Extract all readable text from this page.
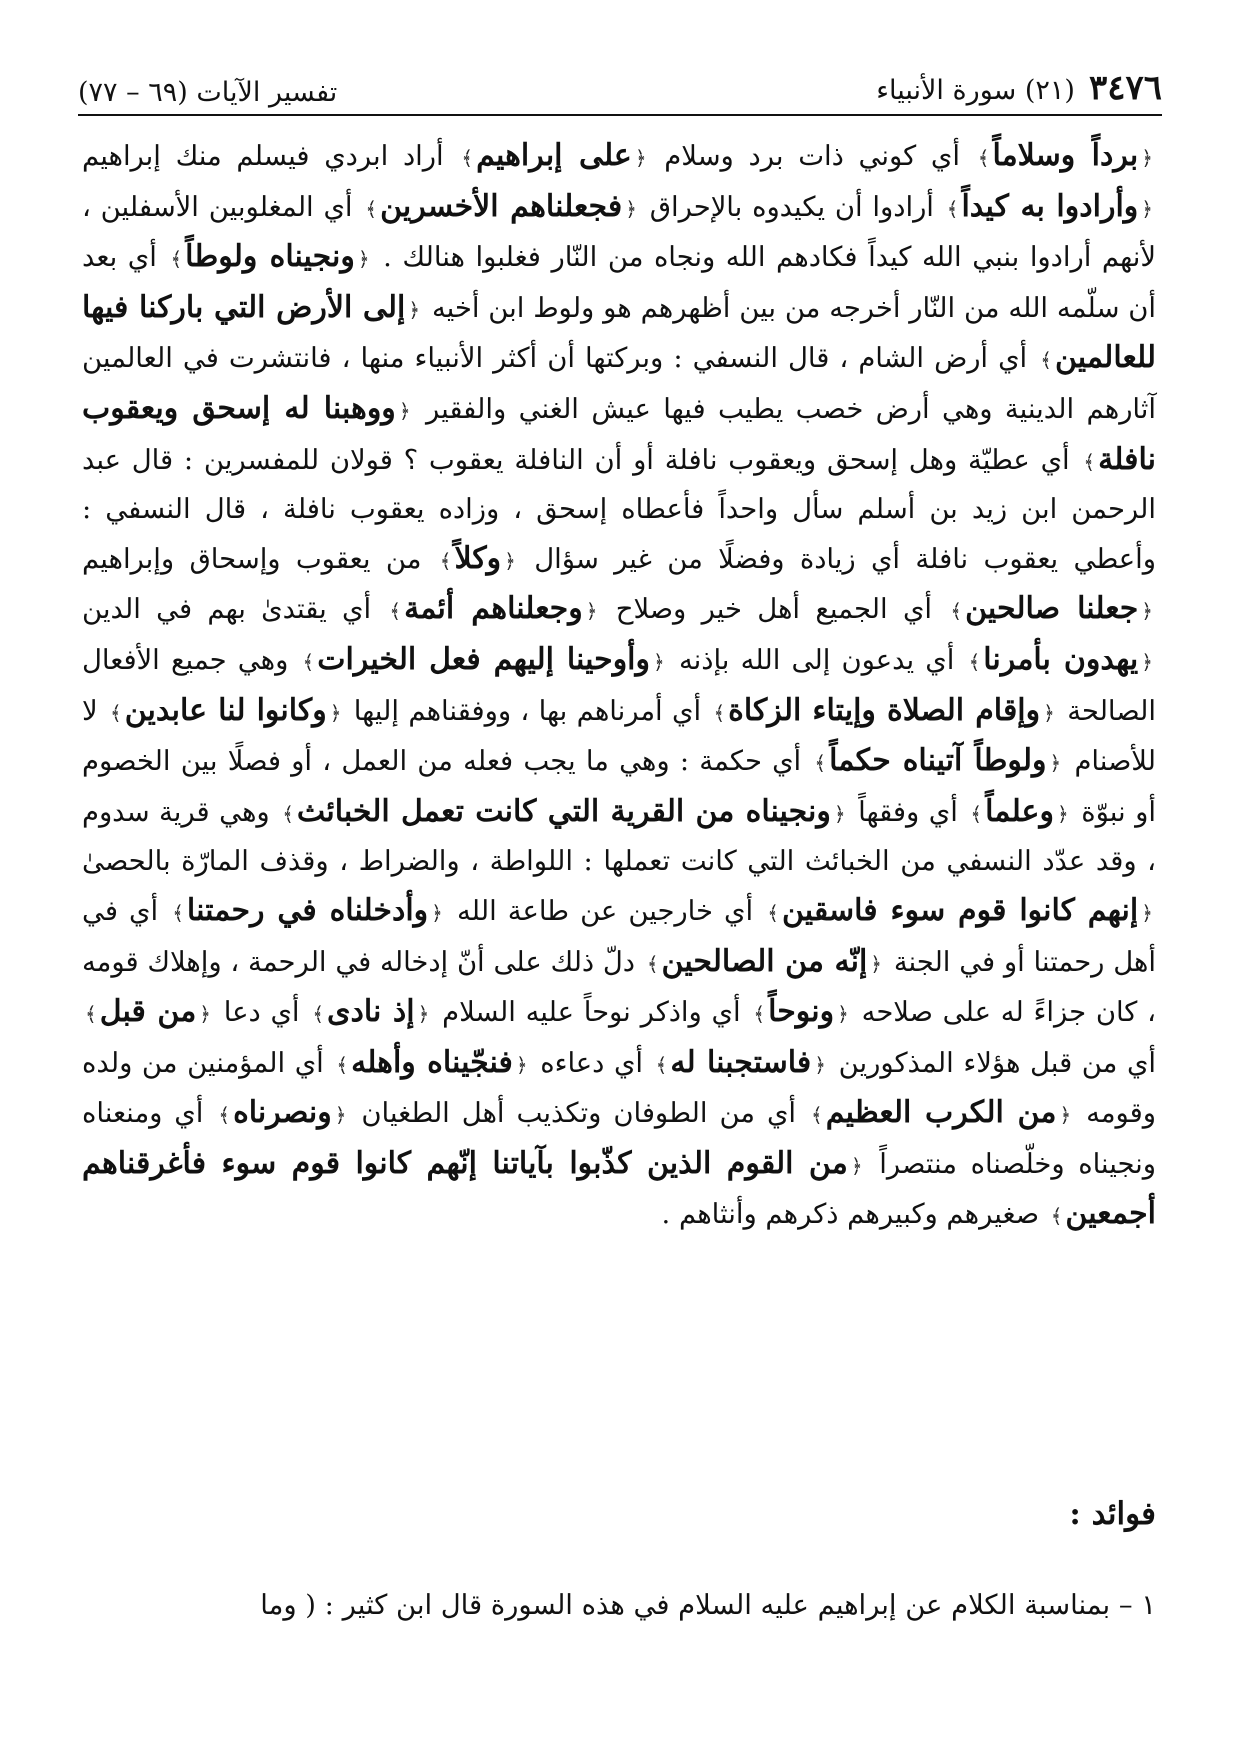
٣٤٧٦
(٢١) سورة الأنبياء
تفسير الآيات (٦٩ – ٧٧)

﴿برداً وسلاماً﴾ أي كوني ذات برد وسلام ﴿على إبراهيم﴾ أراد ابردي فيسلم منك إبراهيم ﴿وأرادوا به كيداً﴾ أرادوا أن يكيدوه بالإحراق ﴿فجعلناهم الأخسرين﴾ أي المغلوبين الأسفلين ، لأنهم أرادوا بنبي الله كيداً فكادهم الله ونجاه من النّار فغلبوا هنالك . ﴿ونجيناه ولوطاً﴾ أي بعد أن سلّمه الله من النّار أخرجه من بين أظهرهم هو ولوط ابن أخيه ﴿إلى الأرض التي باركنا فيها للعالمين﴾ أي أرض الشام ، قال النسفي : وبركتها أن أكثر الأنبياء منها ، فانتشرت في العالمين آثارهم الدينية وهي أرض خصب يطيب فيها عيش الغني والفقير ﴿ووهبنا له إسحق ويعقوب نافلة﴾ أي عطيّة وهل إسحق ويعقوب نافلة أو أن النافلة يعقوب ؟ قولان للمفسرين : قال عبد الرحمن ابن زيد بن أسلم سأل واحداً فأعطاه إسحق ، وزاده يعقوب نافلة ، قال النسفي : وأعطي يعقوب نافلة أي زيادة وفضلًا من غير سؤال ﴿وكلاً﴾ من يعقوب وإسحاق وإبراهيم ﴿جعلنا صالحين﴾ أي الجميع أهل خير وصلاح ﴿وجعلناهم أئمة﴾ أي يقتدىٰ بهم في الدين ﴿يهدون بأمرنا﴾ أي يدعون إلى الله بإذنه ﴿وأوحينا إليهم فعل الخيرات﴾ وهي جميع الأفعال الصالحة ﴿وإقام الصلاة وإيتاء الزكاة﴾ أي أمرناهم بها ، ووفقناهم إليها ﴿وكانوا لنا عابدين﴾ لا للأصنام ﴿ولوطاً آتيناه حكماً﴾ أي حكمة : وهي ما يجب فعله من العمل ، أو فصلًا بين الخصوم أو نبوّة ﴿وعلماً﴾ أي وفقهاً ﴿ونجيناه من القرية التي كانت تعمل الخبائث﴾ وهي قرية سدوم ، وقد عدّد النسفي من الخبائث التي كانت تعملها : اللواطة ، والضراط ، وقذف المارّة بالحصىٰ ﴿إنهم كانوا قوم سوء فاسقين﴾ أي خارجين عن طاعة الله ﴿وأدخلناه في رحمتنا﴾ أي في أهل رحمتنا أو في الجنة ﴿إنّه من الصالحين﴾ دلّ ذلك على أنّ إدخاله في الرحمة ، وإهلاك قومه ، كان جزاءً له على صلاحه ﴿ونوحاً﴾ أي واذكر نوحاً عليه السلام ﴿إذ نادى﴾ أي دعا ﴿من قبل﴾ أي من قبل هؤلاء المذكورين ﴿فاستجبنا له﴾ أي دعاءه ﴿فنجّيناه وأهله﴾ أي المؤمنين من ولده وقومه ﴿من الكرب العظيم﴾ أي من الطوفان وتكذيب أهل الطغيان ﴿ونصرناه﴾ أي ومنعناه ونجيناه وخلّصناه منتصراً ﴿من القوم الذين كذّبوا بآياتنا إنّهم كانوا قوم سوء فأغرقناهم أجمعين﴾ صغيرهم وكبيرهم ذكرهم وأنثاهم .

فوائد :

١ – بمناسبة الكلام عن إبراهيم عليه السلام في هذه السورة قال ابن كثير : ( وما
